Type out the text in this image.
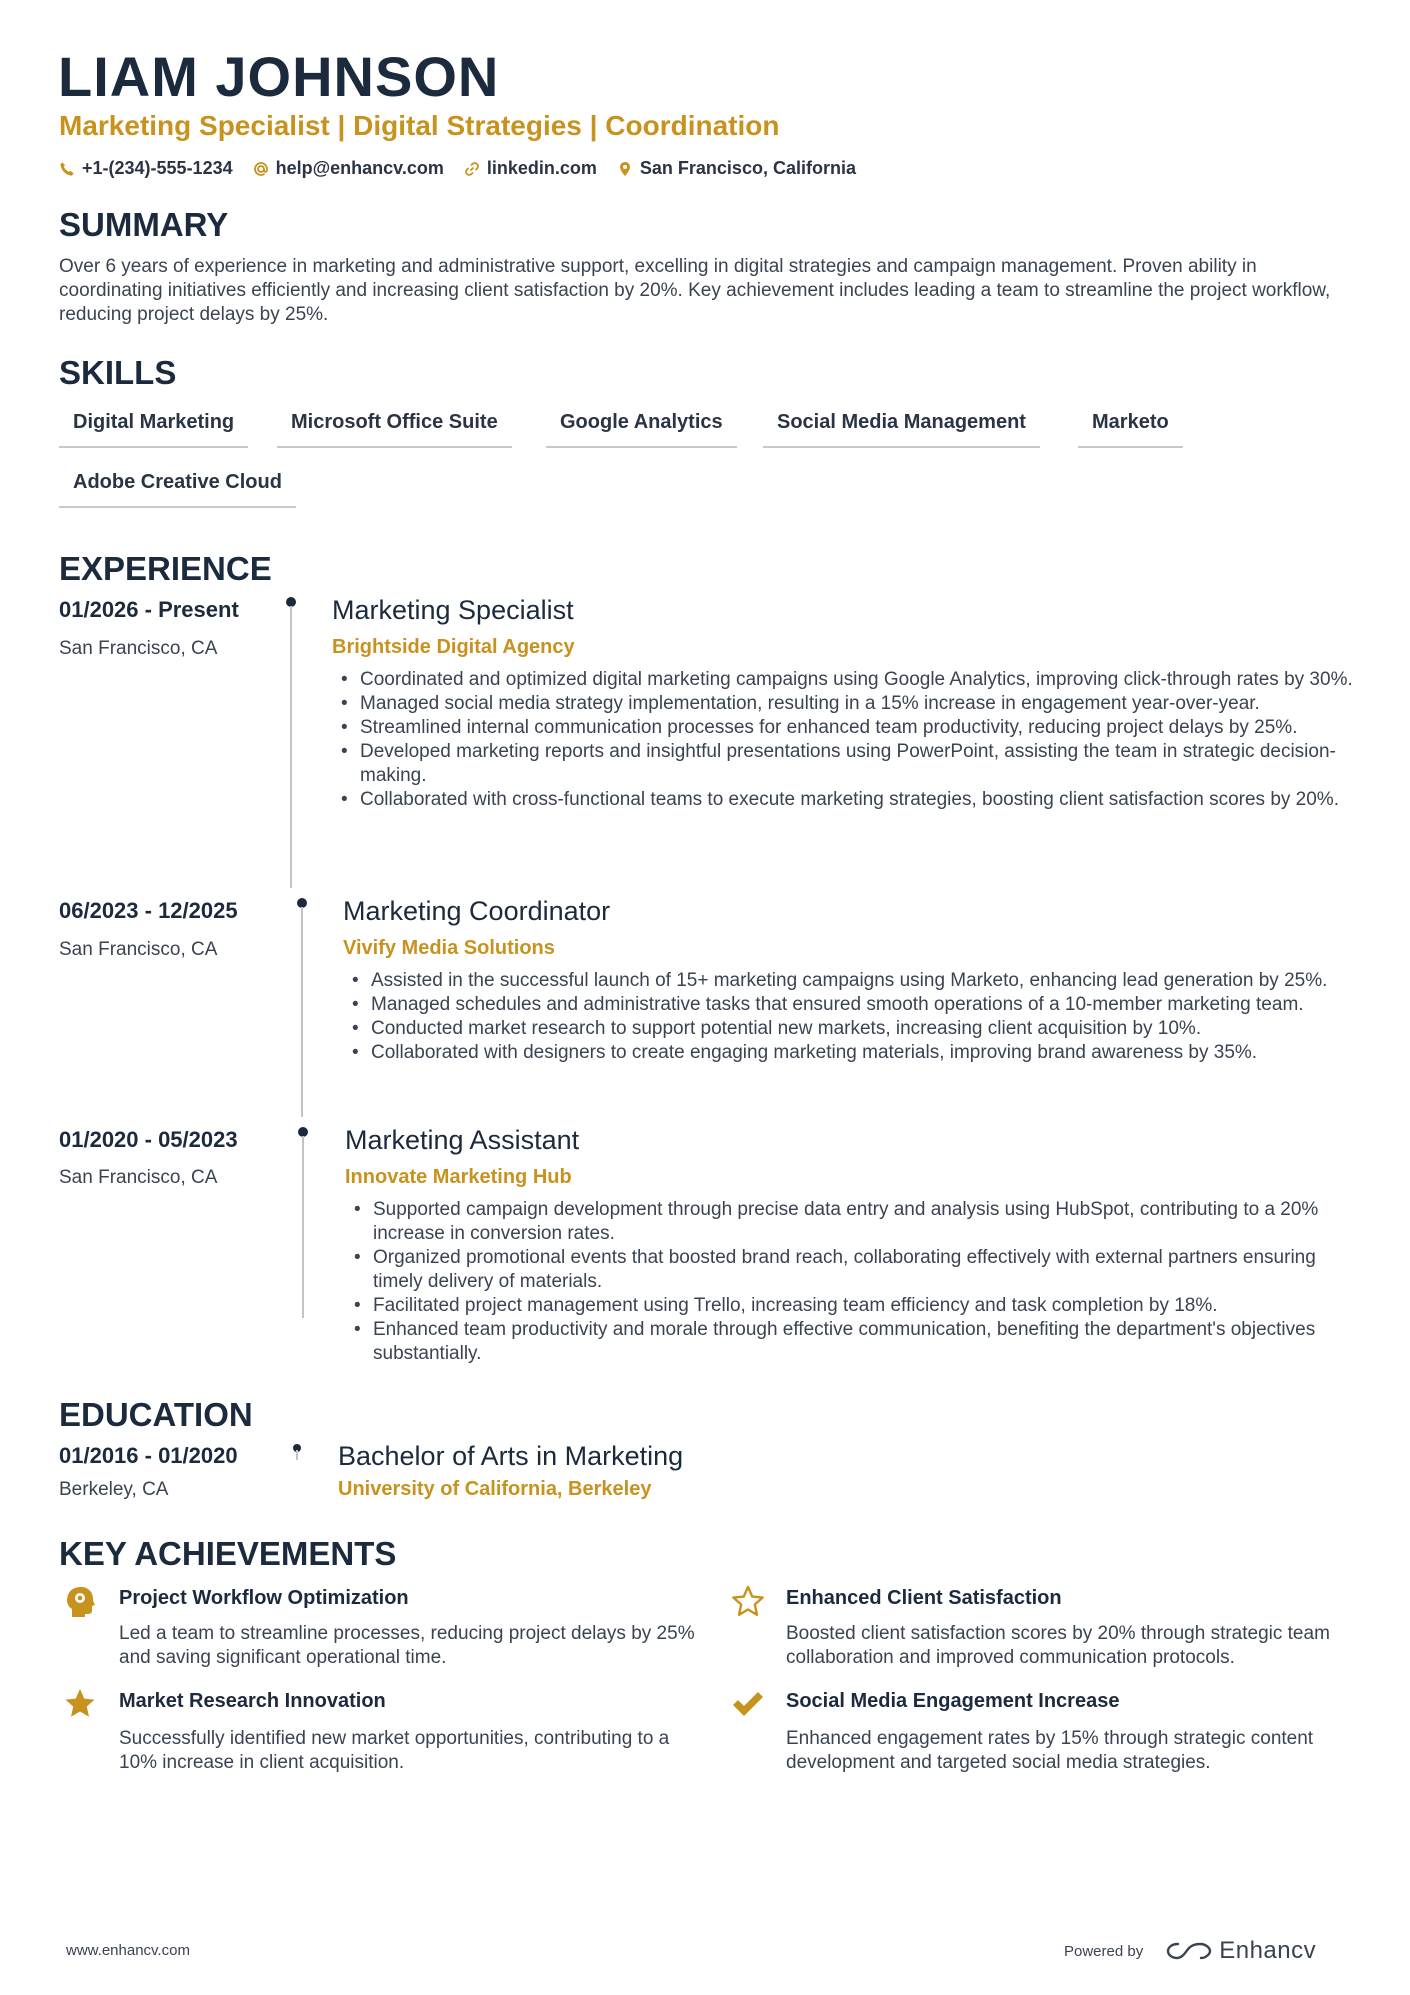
LIAM JOHNSON
Marketing Specialist | Digital Strategies | Coordination
+1-(234)-555-1234 help@enhancv.com linkedin.com San Francisco, California
SUMMARY
Over 6 years of experience in marketing and administrative support, excelling in digital strategies and campaign management. Proven ability in coordinating initiatives efficiently and increasing client satisfaction by 20%. Key achievement includes leading a team to streamline the project workflow, reducing project delays by 25%.
SKILLS
Digital Marketing	Microsoft Office Suite	Google Analytics	Social Media Management	Marketo
Adobe Creative Cloud
EXPERIENCE
01/2026 - Present
San Francisco, CA
Marketing Specialist
Brightside Digital Agency
• Coordinated and optimized digital marketing campaigns using Google Analytics, improving click-through rates by 30%.
• Managed social media strategy implementation, resulting in a 15% increase in engagement year-over-year.
• Streamlined internal communication processes for enhanced team productivity, reducing project delays by 25%.
• Developed marketing reports and insightful presentations using PowerPoint, assisting the team in strategic decision-making.
• Collaborated with cross-functional teams to execute marketing strategies, boosting client satisfaction scores by 20%.
06/2023 - 12/2025
San Francisco, CA
Marketing Coordinator
Vivify Media Solutions
• Assisted in the successful launch of 15+ marketing campaigns using Marketo, enhancing lead generation by 25%.
• Managed schedules and administrative tasks that ensured smooth operations of a 10-member marketing team.
• Conducted market research to support potential new markets, increasing client acquisition by 10%.
• Collaborated with designers to create engaging marketing materials, improving brand awareness by 35%.
01/2020 - 05/2023
San Francisco, CA
Marketing Assistant
Innovate Marketing Hub
• Supported campaign development through precise data entry and analysis using HubSpot, contributing to a 20% increase in conversion rates.
• Organized promotional events that boosted brand reach, collaborating effectively with external partners ensuring timely delivery of materials.
• Facilitated project management using Trello, increasing team efficiency and task completion by 18%.
• Enhanced team productivity and morale through effective communication, benefiting the department's objectives substantially.
EDUCATION
01/2016 - 01/2020
Berkeley, CA
Bachelor of Arts in Marketing
University of California, Berkeley
KEY ACHIEVEMENTS
Project Workflow Optimization
Led a team to streamline processes, reducing project delays by 25% and saving significant operational time.
Enhanced Client Satisfaction
Boosted client satisfaction scores by 20% through strategic team collaboration and improved communication protocols.
Market Research Innovation
Successfully identified new market opportunities, contributing to a 10% increase in client acquisition.
Social Media Engagement Increase
Enhanced engagement rates by 15% through strategic content development and targeted social media strategies.
www.enhancv.com	Powered by	Enhancv
